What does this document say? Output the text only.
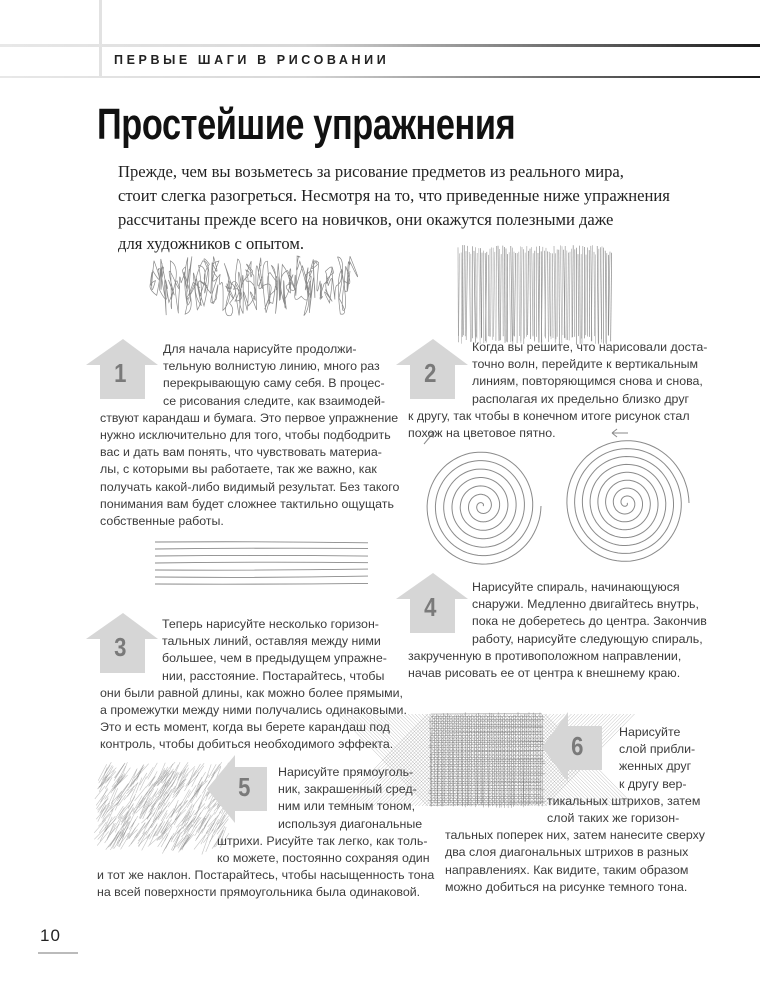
ПЕРВЫЕ ШАГИ В РИСОВАНИИ
Простейшие упражнения
Прежде, чем вы возьметесь за рисование предметов из реального мира,
стоит слегка разогреться. Несмотря на то, что приведенные ниже упражнения
рассчитаны прежде всего на новичков, они окажутся полезными даже
для художников с опытом.
1	2
3
4
5
6
Для начала нарисуйте продолжи-
тельную волнистую линию, много раз
перекрывающую саму себя. В процес-
се рисования следите, как взаимодей-
ствуют карандаш и бумага. Это первое упражнение
нужно исключительно для того, чтобы подбодрить
вас и дать вам понять, что чувствовать материа-
лы, с которыми вы работаете, так же важно, как
получать какой-либо видимый результат. Без такого
понимания вам будет сложнее тактильно ощущать
собственные работы.
Когда вы решите, что нарисовали доста-
точно волн, перейдите к вертикальным
линиям, повторяющимся снова и снова,
располагая их предельно близко друг
к другу, так чтобы в конечном итоге рисунок стал
похож на цветовое пятно.
Теперь нарисуйте несколько горизон-
тальных линий, оставляя между ними
большее, чем в предыдущем упражне-
нии, расстояние. Постарайтесь, чтобы
они были равной длины, как можно более прямыми,
а промежутки между ними получались одинаковыми.
Это и есть момент, когда вы берете карандаш под
контроль, чтобы добиться необходимого эффекта.
Нарисуйте спираль, начинающуюся
снаружи. Медленно двигайтесь внутрь,
пока не доберетесь до центра. Закончив
работу, нарисуйте следующую спираль,
закрученную в противоположном направлении,
начав рисовать ее от центра к внешнему краю.
Нарисуйте прямоуголь-
ник, закрашенный сред-
ним или темным тоном,
используя диагональные
штрихи. Рисуйте так легко, как толь-
ко можете, постоянно сохраняя один
и тот же наклон. Постарайтесь, чтобы насыщенность тона
на всей поверхности прямоугольника была одинаковой.
Нарисуйте
слой прибли-
женных друг
к другу вер-
тикальных штрихов, затем
слой таких же горизон-
тальных поперек них, затем нанесите сверху
два слоя диагональных штрихов в разных
направлениях. Как видите, таким образом
можно добиться на рисунке темного тона.
10
